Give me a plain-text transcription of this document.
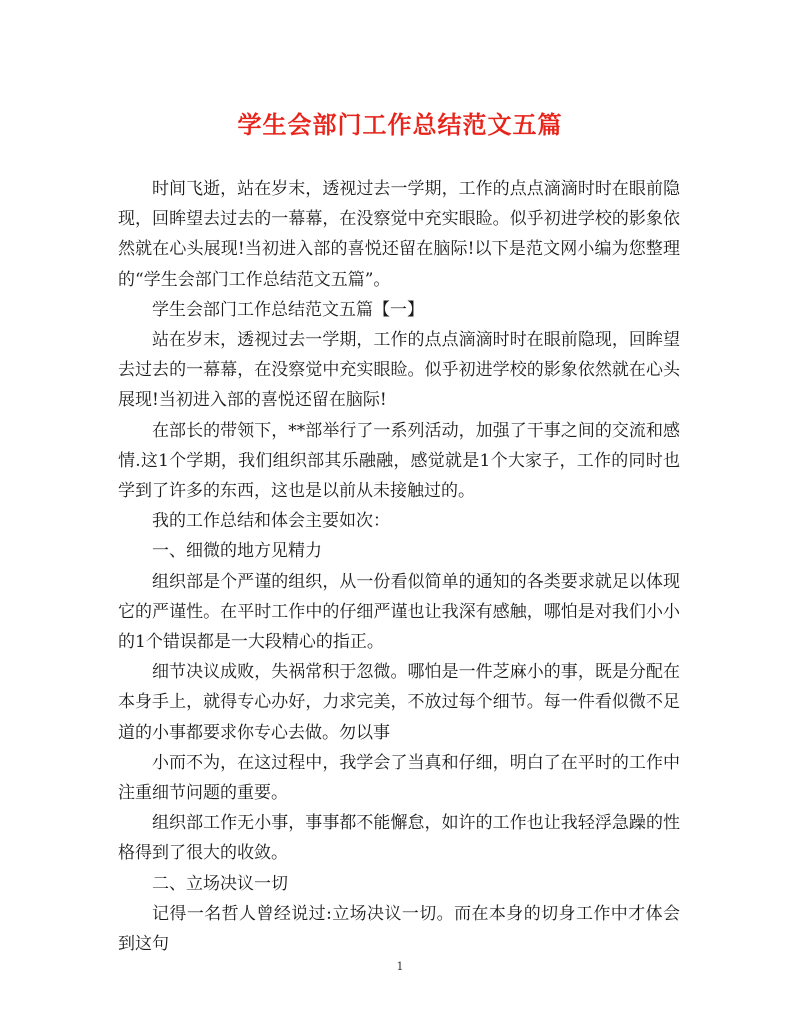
学生会部门工作总结范文五篇

时间飞逝，站在岁末，透视过去一学期，工作的点点滴滴时时在眼前隐现，回眸望去过去的一幕幕，在没察觉中充实眼睑。似乎初进学校的影象依然就在心头展现!当初进入部的喜悦还留在脑际!以下是范文网小编为您整理的“学生会部门工作总结范文五篇”。

学生会部门工作总结范文五篇【一】

站在岁末，透视过去一学期，工作的点点滴滴时时在眼前隐现，回眸望去过去的一幕幕，在没察觉中充实眼睑。似乎初进学校的影象依然就在心头展现!当初进入部的喜悦还留在脑际!

在部长的带领下，**部举行了一系列活动，加强了干事之间的交流和感情.这1个学期，我们组织部其乐融融，感觉就是1个大家子，工作的同时也学到了许多的东西，这也是以前从未接触过的。

我的工作总结和体会主要如次：

一、细微的地方见精力

组织部是个严谨的组织，从一份看似简单的通知的各类要求就足以体现它的严谨性。在平时工作中的仔细严谨也让我深有感触，哪怕是对我们小小的1个错误都是一大段精心的指正。

细节决议成败，失祸常积于忽微。哪怕是一件芝麻小的事，既是分配在本身手上，就得专心办好，力求完美，不放过每个细节。每一件看似微不足道的小事都要求你专心去做。勿以事

小而不为，在这过程中，我学会了当真和仔细，明白了在平时的工作中注重细节问题的重要。

组织部工作无小事，事事都不能懈怠，如许的工作也让我轻浮急躁的性格得到了很大的收敛。

二、立场决议一切

记得一名哲人曾经说过:立场决议一切。而在本身的切身工作中才体会到这句

1
